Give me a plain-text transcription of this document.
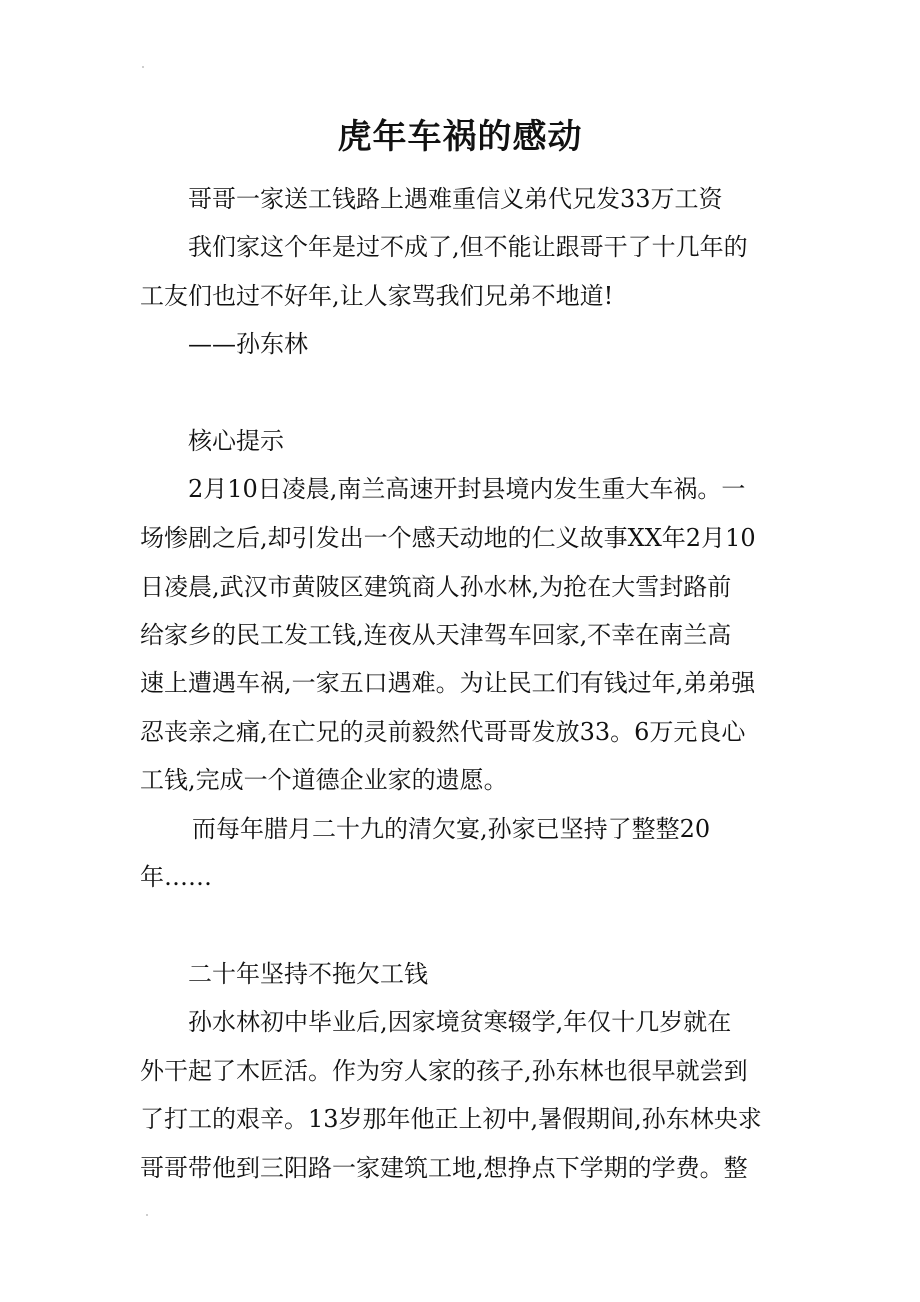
虎年车祸的感动
哥哥一家送工钱路上遇难重信义弟代兄发33万工资
我们家这个年是过不成了,但不能让跟哥干了十几年的
工友们也过不好年,让人家骂我们兄弟不地道!
——孙东林
核心提示
2月10日凌晨,南兰高速开封县境内发生重大车祸。一
场惨剧之后,却引发出一个感天动地的仁义故事XX年2月10
日凌晨,武汉市黄陂区建筑商人孙水林,为抢在大雪封路前
给家乡的民工发工钱,连夜从天津驾车回家,不幸在南兰高
速上遭遇车祸,一家五口遇难。为让民工们有钱过年,弟弟强
忍丧亲之痛,在亡兄的灵前毅然代哥哥发放33。6万元良心
工钱,完成一个道德企业家的遗愿。
而每年腊月二十九的清欠宴,孙家已坚持了整整20
年……
二十年坚持不拖欠工钱
孙水林初中毕业后,因家境贫寒辍学,年仅十几岁就在
外干起了木匠活。作为穷人家的孩子,孙东林也很早就尝到
了打工的艰辛。13岁那年他正上初中,暑假期间,孙东林央求
哥哥带他到三阳路一家建筑工地,想挣点下学期的学费。整
